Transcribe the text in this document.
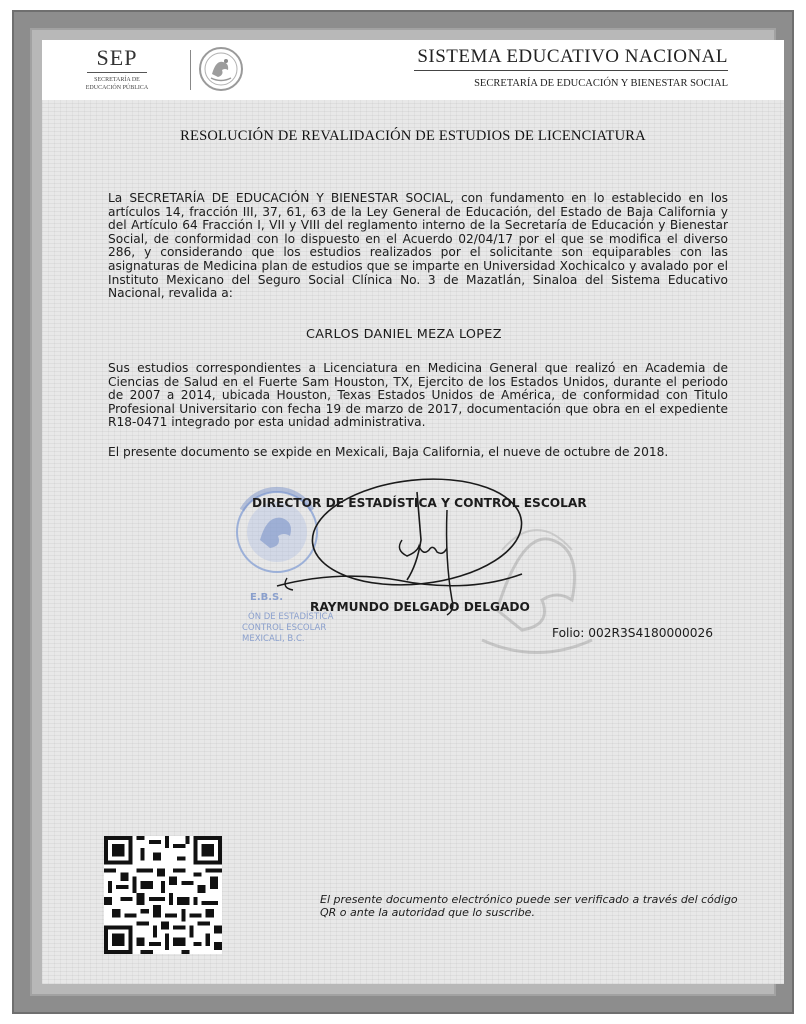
SEP
SECRETARÍA DE
EDUCACIÓN PÚBLICA
SISTEMA EDUCATIVO NACIONAL
SECRETARÍA DE EDUCACIÓN Y BIENESTAR SOCIAL
RESOLUCIÓN DE REVALIDACIÓN DE ESTUDIOS DE LICENCIATURA
La SECRETARÍA DE EDUCACIÓN Y BIENESTAR SOCIAL, con fundamento en lo establecido en los artículos 14, fracción III, 37, 61, 63 de la Ley General de Educación, del Estado de Baja California y del Artículo 64 Fracción I, VII y VIII del reglamento interno de la Secretaría de Educación y Bienestar Social, de conformidad con lo dispuesto en el Acuerdo 02/04/17 por el que se modifica el diverso 286, y considerando que los estudios realizados por el solicitante son equiparables con las asignaturas de Medicina plan de estudios que se imparte en Universidad Xochicalco y avalado por el Instituto Mexicano del Seguro Social Clínica No. 3 de Mazatlán, Sinaloa del Sistema Educativo Nacional, revalida a:
CARLOS DANIEL MEZA LOPEZ
Sus estudios correspondientes a Licenciatura en Medicina General que realizó en Academia de Ciencias de Salud en el Fuerte Sam Houston, TX, Ejercito de los Estados Unidos, durante el periodo de 2007 a 2014, ubicada Houston, Texas Estados Unidos de América, de conformidad con Titulo Profesional Universitario con fecha 19 de marzo de 2017, documentación que obra en el expediente R18-0471 integrado por esta unidad administrativa.
El presente documento se expide en Mexicali, Baja California, el nueve de octubre de 2018.
E.B.S.
ÓN DE ESTADÍSTICA
CONTROL ESCOLAR
MEXICALI, B.C.
DIRECTOR DE ESTADÍSTICA Y CONTROL ESCOLAR
RAYMUNDO DELGADO DELGADO
Folio: 002R3S4180000026
El presente documento electrónico puede ser verificado a través del código QR o ante la autoridad que lo suscribe.
